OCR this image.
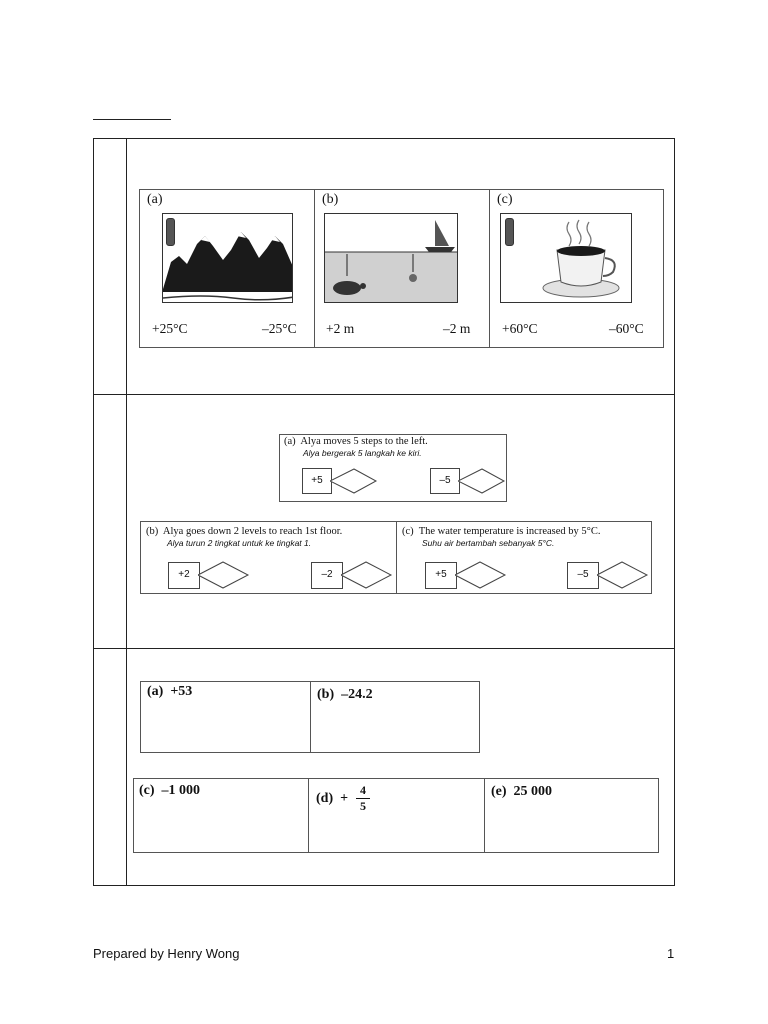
(a)
+25°C	–25°C
(b)
+2 m	–2 m
(c)
+60°C	–60°C
(a) Alya moves 5 steps to the left.
Alya bergerak 5 langkah ke kiri.
+5	–5
(b) Alya goes down 2 levels to reach 1st floor.
Alya turun 2 tingkat untuk ke tingkat 1.
+2	–2
(c) The water temperature is increased by 5°C.
Suhu air bertambah sebanyak 5°C.
+5	–5
(a) +53	(b) –24.2
(c) –1 000
(d) +
4
5
(e) 25 000
Prepared by Henry Wong	1
